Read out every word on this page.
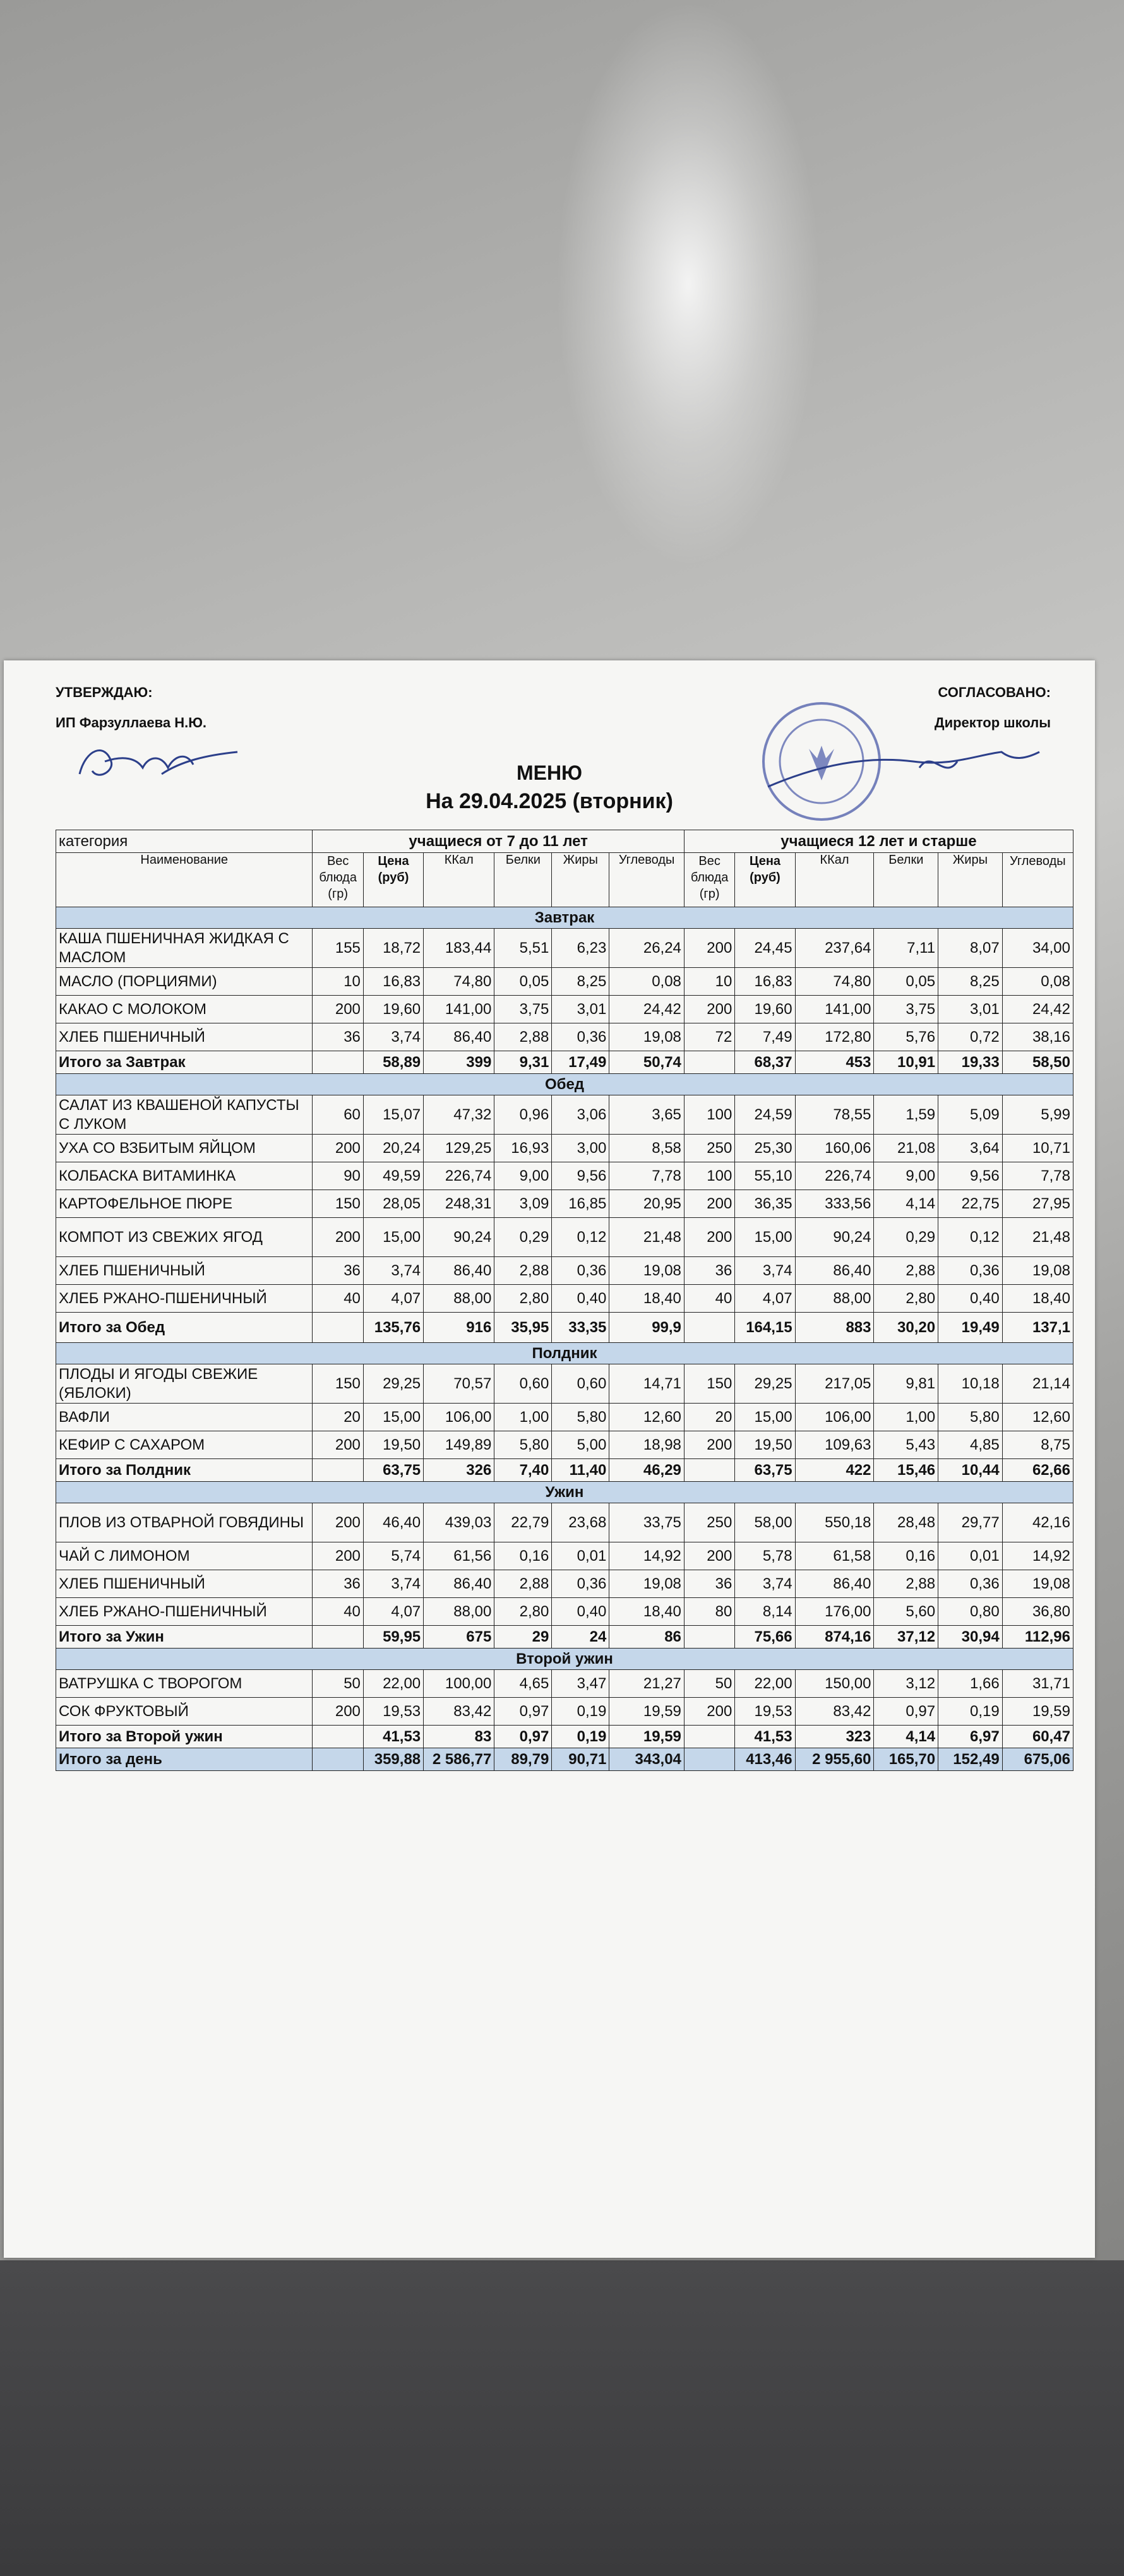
УТВЕРЖДАЮ:
ИП Фарзуллаева Н.Ю.
СОГЛАСОВАНО:
Директор школы
МЕНЮ
На 29.04.2025 (вторник)
категория	учащиеся от 7 до 11 лет						учащиеся 12 лет и старше					
Наименование	Вес блюда (гр)	Цена (руб)	ККал	Белки	Жиры	Углеводы	Вес блюда (гр)	Цена (руб)	ККал	Белки	Жиры	Углеводы
Завтрак												
КАША ПШЕНИЧНАЯ ЖИДКАЯ С МАСЛОМ	155	18,72	183,44	5,51	6,23	26,24	200	24,45	237,64	7,11	8,07	34,00
МАСЛО (ПОРЦИЯМИ)	10	16,83	74,80	0,05	8,25	0,08	10	16,83	74,80	0,05	8,25	0,08
КАКАО С МОЛОКОМ	200	19,60	141,00	3,75	3,01	24,42	200	19,60	141,00	3,75	3,01	24,42
ХЛЕБ ПШЕНИЧНЫЙ	36	3,74	86,40	2,88	0,36	19,08	72	7,49	172,80	5,76	0,72	38,16
Итого за Завтрак		58,89	399	9,31	17,49	50,74		68,37	453	10,91	19,33	58,50
Обед												
САЛАТ ИЗ КВАШЕНОЙ КАПУСТЫ С ЛУКОМ	60	15,07	47,32	0,96	3,06	3,65	100	24,59	78,55	1,59	5,09	5,99
УХА СО ВЗБИТЫМ ЯЙЦОМ	200	20,24	129,25	16,93	3,00	8,58	250	25,30	160,06	21,08	3,64	10,71
КОЛБАСКА ВИТАМИНКА	90	49,59	226,74	9,00	9,56	7,78	100	55,10	226,74	9,00	9,56	7,78
КАРТОФЕЛЬНОЕ ПЮРЕ	150	28,05	248,31	3,09	16,85	20,95	200	36,35	333,56	4,14	22,75	27,95
КОМПОТ ИЗ СВЕЖИХ ЯГОД	200	15,00	90,24	0,29	0,12	21,48	200	15,00	90,24	0,29	0,12	21,48
ХЛЕБ ПШЕНИЧНЫЙ	36	3,74	86,40	2,88	0,36	19,08	36	3,74	86,40	2,88	0,36	19,08
ХЛЕБ РЖАНО-ПШЕНИЧНЫЙ	40	4,07	88,00	2,80	0,40	18,40	40	4,07	88,00	2,80	0,40	18,40
Итого за Обед		135,76	916	35,95	33,35	99,9		164,15	883	30,20	19,49	137,1
Полдник												
ПЛОДЫ И ЯГОДЫ СВЕЖИЕ (ЯБЛОКИ)	150	29,25	70,57	0,60	0,60	14,71	150	29,25	217,05	9,81	10,18	21,14
ВАФЛИ	20	15,00	106,00	1,00	5,80	12,60	20	15,00	106,00	1,00	5,80	12,60
КЕФИР С САХАРОМ	200	19,50	149,89	5,80	5,00	18,98	200	19,50	109,63	5,43	4,85	8,75
Итого за Полдник		63,75	326	7,40	11,40	46,29		63,75	422	15,46	10,44	62,66
Ужин												
ПЛОВ ИЗ ОТВАРНОЙ ГОВЯДИНЫ	200	46,40	439,03	22,79	23,68	33,75	250	58,00	550,18	28,48	29,77	42,16
ЧАЙ С ЛИМОНОМ	200	5,74	61,56	0,16	0,01	14,92	200	5,78	61,58	0,16	0,01	14,92
ХЛЕБ ПШЕНИЧНЫЙ	36	3,74	86,40	2,88	0,36	19,08	36	3,74	86,40	2,88	0,36	19,08
ХЛЕБ РЖАНО-ПШЕНИЧНЫЙ	40	4,07	88,00	2,80	0,40	18,40	80	8,14	176,00	5,60	0,80	36,80
Итого за Ужин		59,95	675	29	24	86		75,66	874,16	37,12	30,94	112,96
Второй ужин												
ВАТРУШКА С ТВОРОГОМ	50	22,00	100,00	4,65	3,47	21,27	50	22,00	150,00	3,12	1,66	31,71
СОК ФРУКТОВЫЙ	200	19,53	83,42	0,97	0,19	19,59	200	19,53	83,42	0,97	0,19	19,59
Итого за Второй ужин		41,53	83	0,97	0,19	19,59		41,53	323	4,14	6,97	60,47
Итого за день		359,88	2 586,77	89,79	90,71	343,04		413,46	2 955,60	165,70	152,49	675,06
